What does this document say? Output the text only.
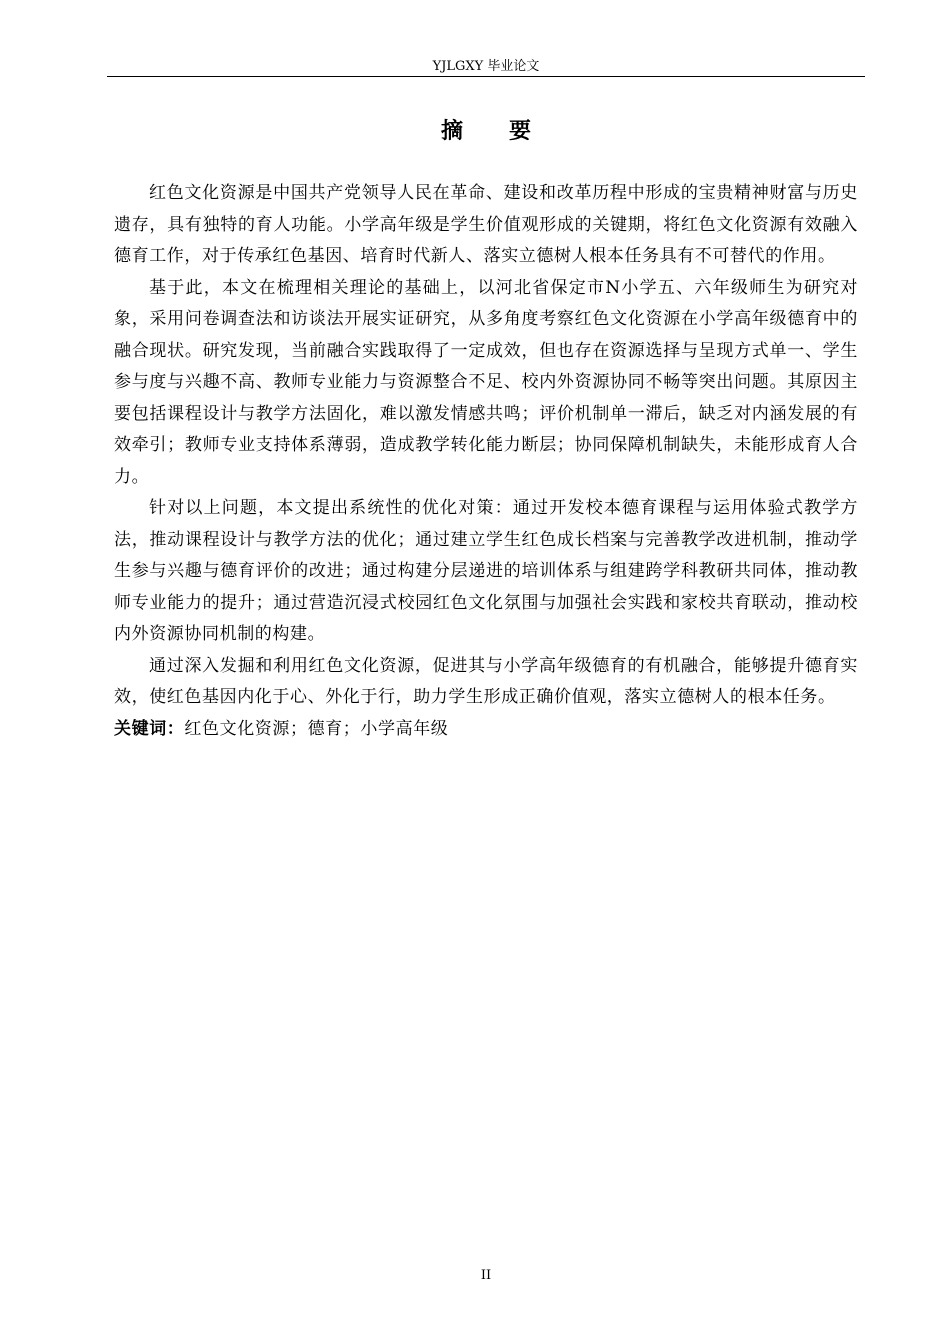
YJLGXY 毕业论文
摘要

红色文化资源是中国共产党领导人民在革命、建设和改革历程中形成的宝贵精神财富与历史遗存，具有独特的育人功能。小学高年级是学生价值观形成的关键期，将红色文化资源有效融入德育工作，对于传承红色基因、培育时代新人、落实立德树人根本任务具有不可替代的作用。

基于此，本文在梳理相关理论的基础上，以河北省保定市N小学五、六年级师生为研究对象，采用问卷调查法和访谈法开展实证研究，从多角度考察红色文化资源在小学高年级德育中的融合现状。研究发现，当前融合实践取得了一定成效，但也存在资源选择与呈现方式单一、学生参与度与兴趣不高、教师专业能力与资源整合不足、校内外资源协同不畅等突出问题。其原因主要包括课程设计与教学方法固化，难以激发情感共鸣；评价机制单一滞后，缺乏对内涵发展的有效牵引；教师专业支持体系薄弱，造成教学转化能力断层；协同保障机制缺失，未能形成育人合力。

针对以上问题，本文提出系统性的优化对策：通过开发校本德育课程与运用体验式教学方法，推动课程设计与教学方法的优化；通过建立学生红色成长档案与完善教学改进机制，推动学生参与兴趣与德育评价的改进；通过构建分层递进的培训体系与组建跨学科教研共同体，推动教师专业能力的提升；通过营造沉浸式校园红色文化氛围与加强社会实践和家校共育联动，推动校内外资源协同机制的构建。

通过深入发掘和利用红色文化资源，促进其与小学高年级德育的有机融合，能够提升德育实效，使红色基因内化于心、外化于行，助力学生形成正确价值观，落实立德树人的根本任务。

关键词：红色文化资源；德育；小学高年级
II
